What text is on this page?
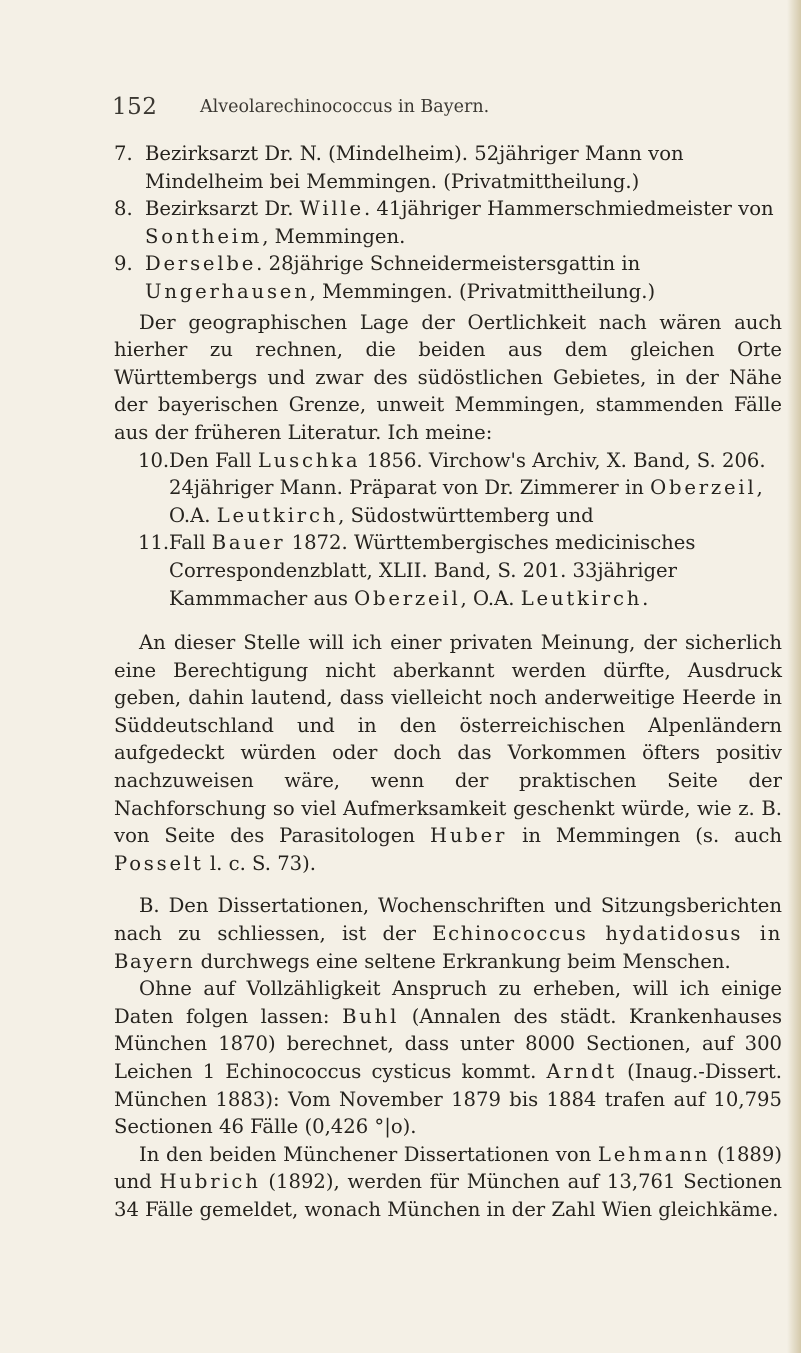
152 Alveolarechinococcus in Bayern.
7. Bezirksarzt Dr. N. (Mindelheim). 52jähriger Mann von Mindelheim bei Memmingen. (Privatmittheilung.)
8. Bezirksarzt Dr. Wille. 41jähriger Hammerschmiedmeister von Sontheim, Memmingen.
9. Derselbe. 28jährige Schneidermeistersgattin in Ungerhausen, Memmingen. (Privatmittheilung.)

Der geographischen Lage der Oertlichkeit nach wären auch hierher zu rechnen, die beiden aus dem gleichen Orte Württembergs und zwar des südöstlichen Gebietes, in der Nähe der bayerischen Grenze, unweit Memmingen, stammenden Fälle aus der früheren Literatur. Ich meine:

10. Den Fall Luschka 1856. Virchow's Archiv, X. Band, S. 206. 24jähriger Mann. Präparat von Dr. Zimmerer in Oberzeil, O.A. Leutkirch, Südostwürttemberg und
11. Fall Bauer 1872. Württembergisches medicinisches Correspondenzblatt, XLII. Band, S. 201. 33jähriger Kammmacher aus Oberzeil, O.A. Leutkirch.

An dieser Stelle will ich einer privaten Meinung, der sicherlich eine Berechtigung nicht aberkannt werden dürfte, Ausdruck geben, dahin lautend, dass vielleicht noch anderweitige Heerde in Süddeutschland und in den österreichischen Alpenländern aufgedeckt würden oder doch das Vorkommen öfters positiv nachzuweisen wäre, wenn der praktischen Seite der Nachforschung so viel Aufmerksamkeit geschenkt würde, wie z. B. von Seite des Parasitologen Huber in Memmingen (s. auch Posselt l. c. S. 73).

B. Den Dissertationen, Wochenschriften und Sitzungsberichten nach zu schliessen, ist der Echinococcus hydatidosus in Bayern durchwegs eine seltene Erkrankung beim Menschen.

Ohne auf Vollzähligkeit Anspruch zu erheben, will ich einige Daten folgen lassen: Buhl (Annalen des städt. Krankenhauses München 1870) berechnet, dass unter 8000 Sectionen, auf 300 Leichen 1 Echinococcus cysticus kommt. Arndt (Inaug.-Dissert. München 1883): Vom November 1879 bis 1884 trafen auf 10,795 Sectionen 46 Fälle (0,426 °|o).

In den beiden Münchener Dissertationen von Lehmann (1889) und Hubrich (1892), werden für München auf 13,761 Sectionen 34 Fälle gemeldet, wonach München in der Zahl Wien gleichkäme.
